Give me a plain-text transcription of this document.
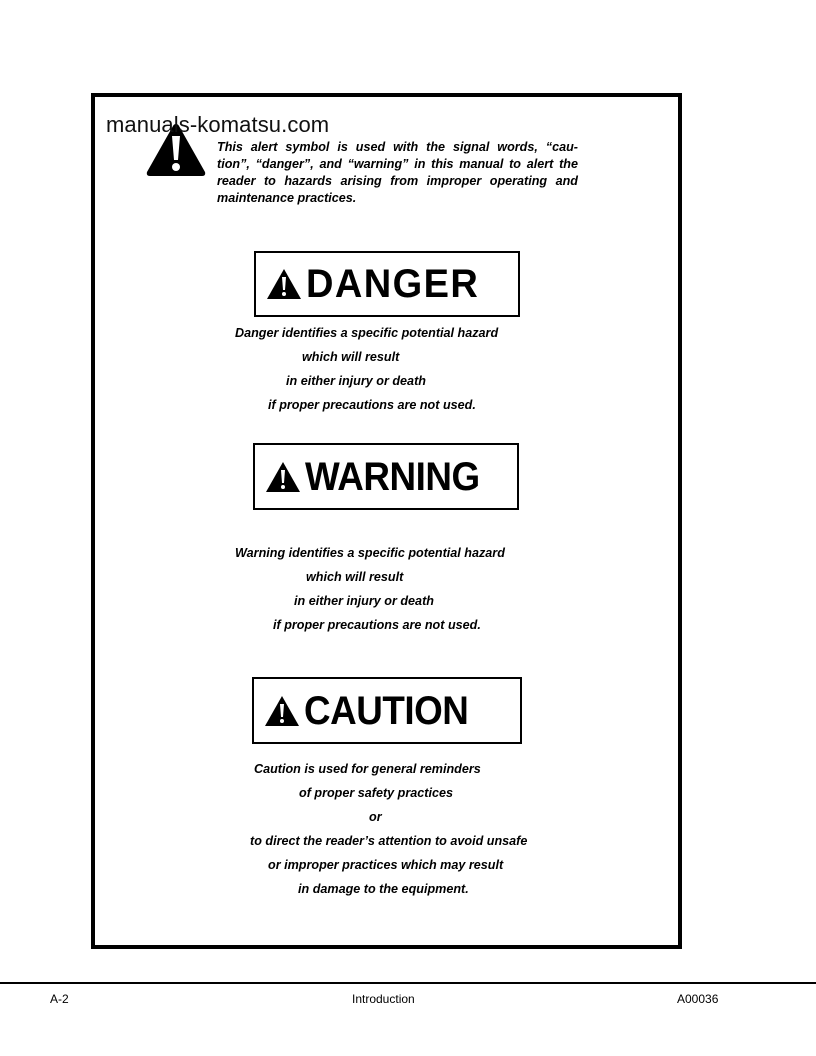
manuals-komatsu.com
This alert symbol is used with the signal words, “cau-
tion”, “danger”, and “warning” in this manual to alert the
reader to hazards arising from improper operating and
maintenance practices.
DANGER
Danger identifies a specific potential hazard
which will result
in either injury or death
if proper precautions are not used.
WARNING
Warning identifies a specific potential hazard
which will result
in either injury or death
if proper precautions are not used.
CAUTION
Caution is used for general reminders
of proper safety practices
or
to direct the reader’s attention to avoid unsafe
or improper practices which may result
in damage to the equipment.
A-2	Introduction	A00036
